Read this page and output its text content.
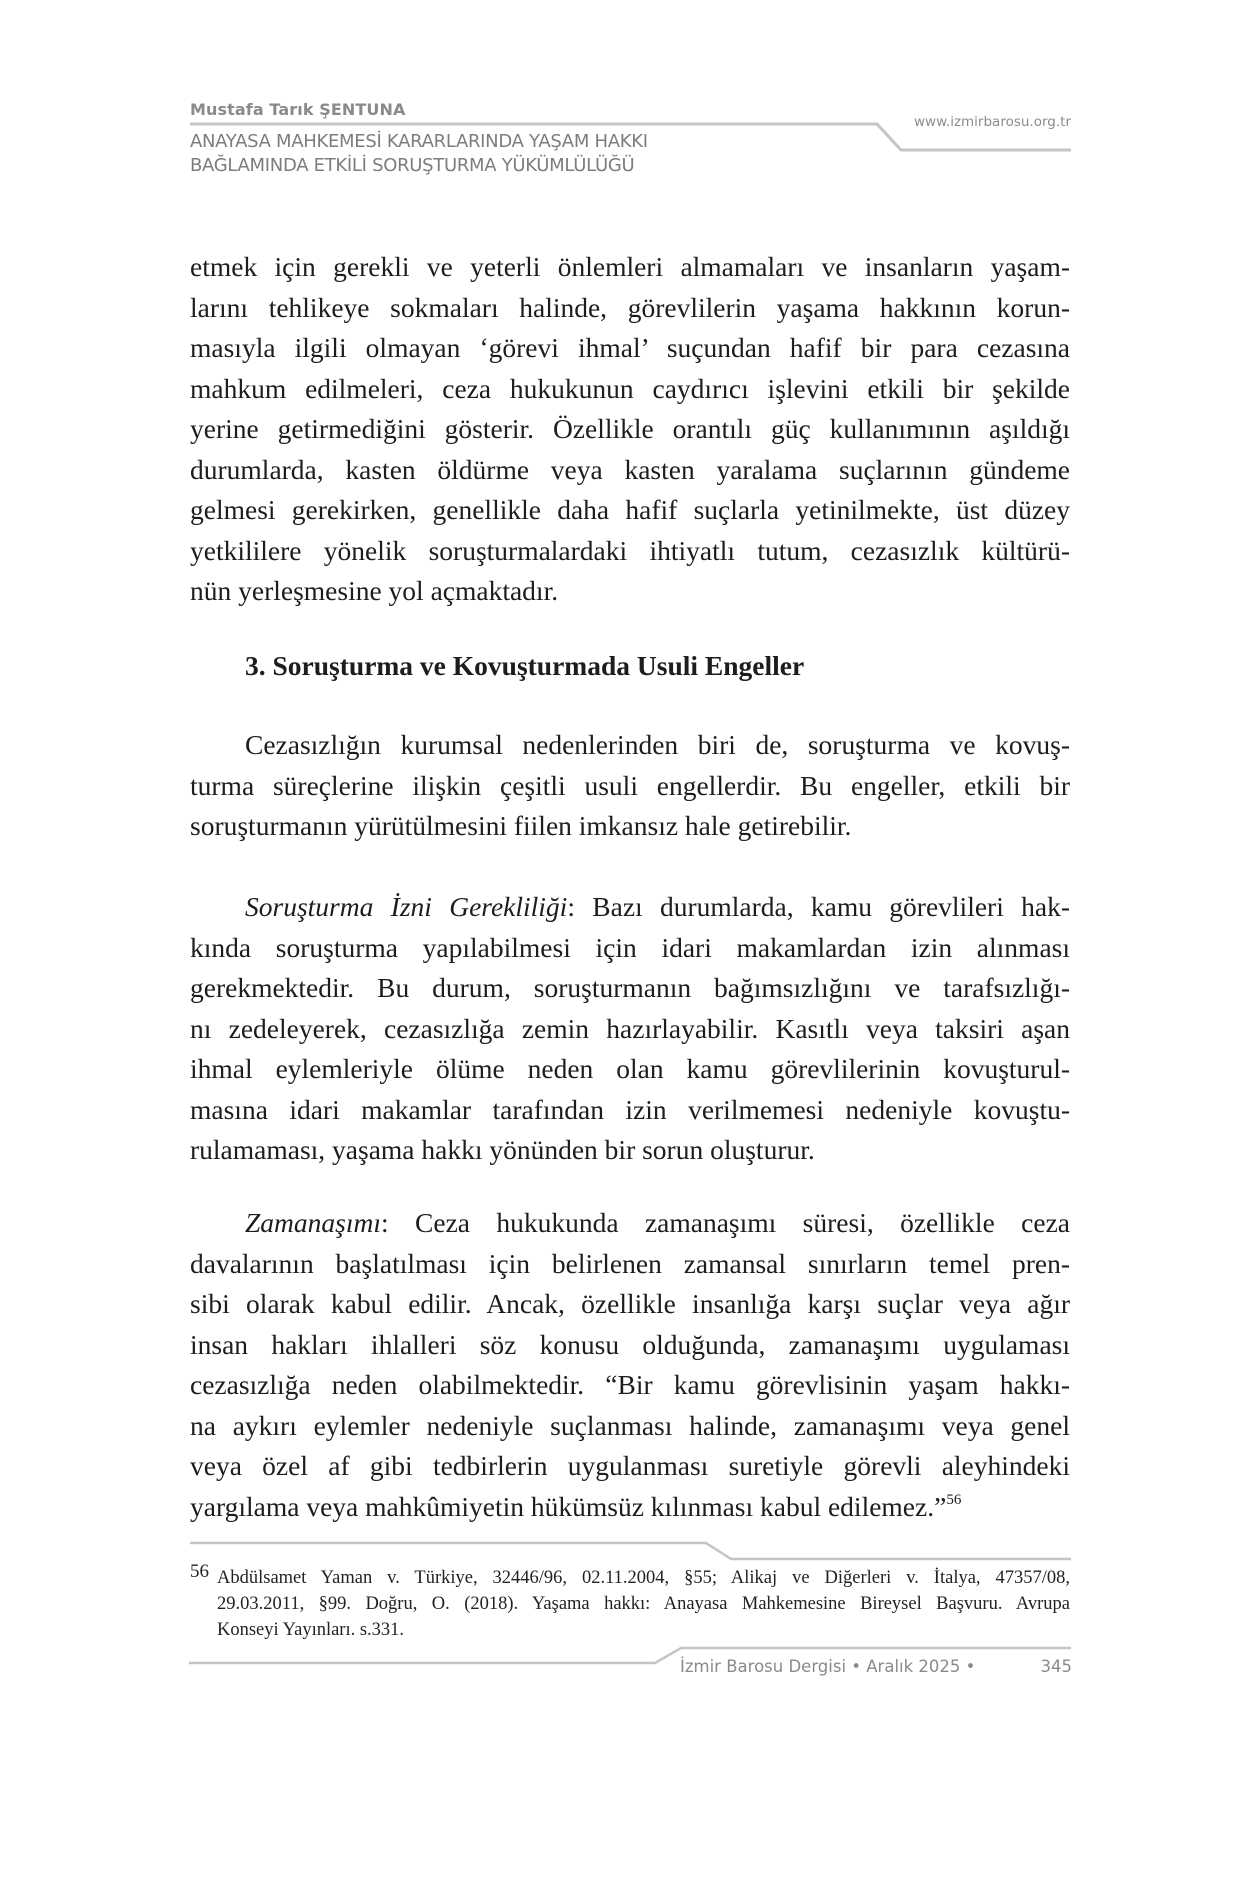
Mustafa Tarık ŞENTUNA
ANAYASA MAHKEMESİ KARARLARINDA YAŞAM HAKKI
BAĞLAMINDA ETKİLİ SORUŞTURMA YÜKÜMLÜLÜĞÜ
www.izmirbarosu.org.tr
etmek için gerekli ve yeterli önlemleri almamaları ve insanların yaşam-
larını tehlikeye sokmaları halinde, görevlilerin yaşama hakkının korun-
masıyla ilgili olmayan ‘görevi ihmal’ suçundan hafif bir para cezasına
mahkum edilmeleri, ceza hukukunun caydırıcı işlevini etkili bir şekilde
yerine getirmediğini gösterir. Özellikle orantılı güç kullanımının aşıldığı
durumlarda, kasten öldürme veya kasten yaralama suçlarının gündeme
gelmesi gerekirken, genellikle daha hafif suçlarla yetinilmekte, üst düzey
yetkililere yönelik soruşturmalardaki ihtiyatlı tutum, cezasızlık kültürü-
nün yerleşmesine yol açmaktadır.
3. Soruşturma ve Kovuşturmada Usuli Engeller
Cezasızlığın kurumsal nedenlerinden biri de, soruşturma ve kovuş-
turma süreçlerine ilişkin çeşitli usuli engellerdir. Bu engeller, etkili bir
soruşturmanın yürütülmesini fiilen imkansız hale getirebilir.
Soruşturma İzni Gerekliliği: Bazı durumlarda, kamu görevlileri hak-
kında soruşturma yapılabilmesi için idari makamlardan izin alınması
gerekmektedir. Bu durum, soruşturmanın bağımsızlığını ve tarafsızlığı-
nı zedeleyerek, cezasızlığa zemin hazırlayabilir. Kasıtlı veya taksiri aşan
ihmal eylemleriyle ölüme neden olan kamu görevlilerinin kovuşturul-
masına idari makamlar tarafından izin verilmemesi nedeniyle kovuştu-
rulamaması, yaşama hakkı yönünden bir sorun oluşturur.
Zamanaşımı: Ceza hukukunda zamanaşımı süresi, özellikle ceza
davalarının başlatılması için belirlenen zamansal sınırların temel pren-
sibi olarak kabul edilir. Ancak, özellikle insanlığa karşı suçlar veya ağır
insan hakları ihlalleri söz konusu olduğunda, zamanaşımı uygulaması
cezasızlığa neden olabilmektedir. “Bir kamu görevlisinin yaşam hakkı-
na aykırı eylemler nedeniyle suçlanması halinde, zamanaşımı veya genel
veya özel af gibi tedbirlerin uygulanması suretiyle görevli aleyhindeki
yargılama veya mahkûmiyetin hükümsüz kılınması kabul edilemez.”$^{56}$
56 Abdülsamet Yaman v. Türkiye, 32446/96, 02.11.2004, §55; Alikaj ve Diğerleri v. İtalya, 47357/08,
29.03.2011, §99. Doğru, O. (2018). Yaşama hakkı: Anayasa Mahkemesine Bireysel Başvuru. Avrupa
Konseyi Yayınları. s.331.
İzmir Barosu Dergisi • Aralık 2025 •	345
